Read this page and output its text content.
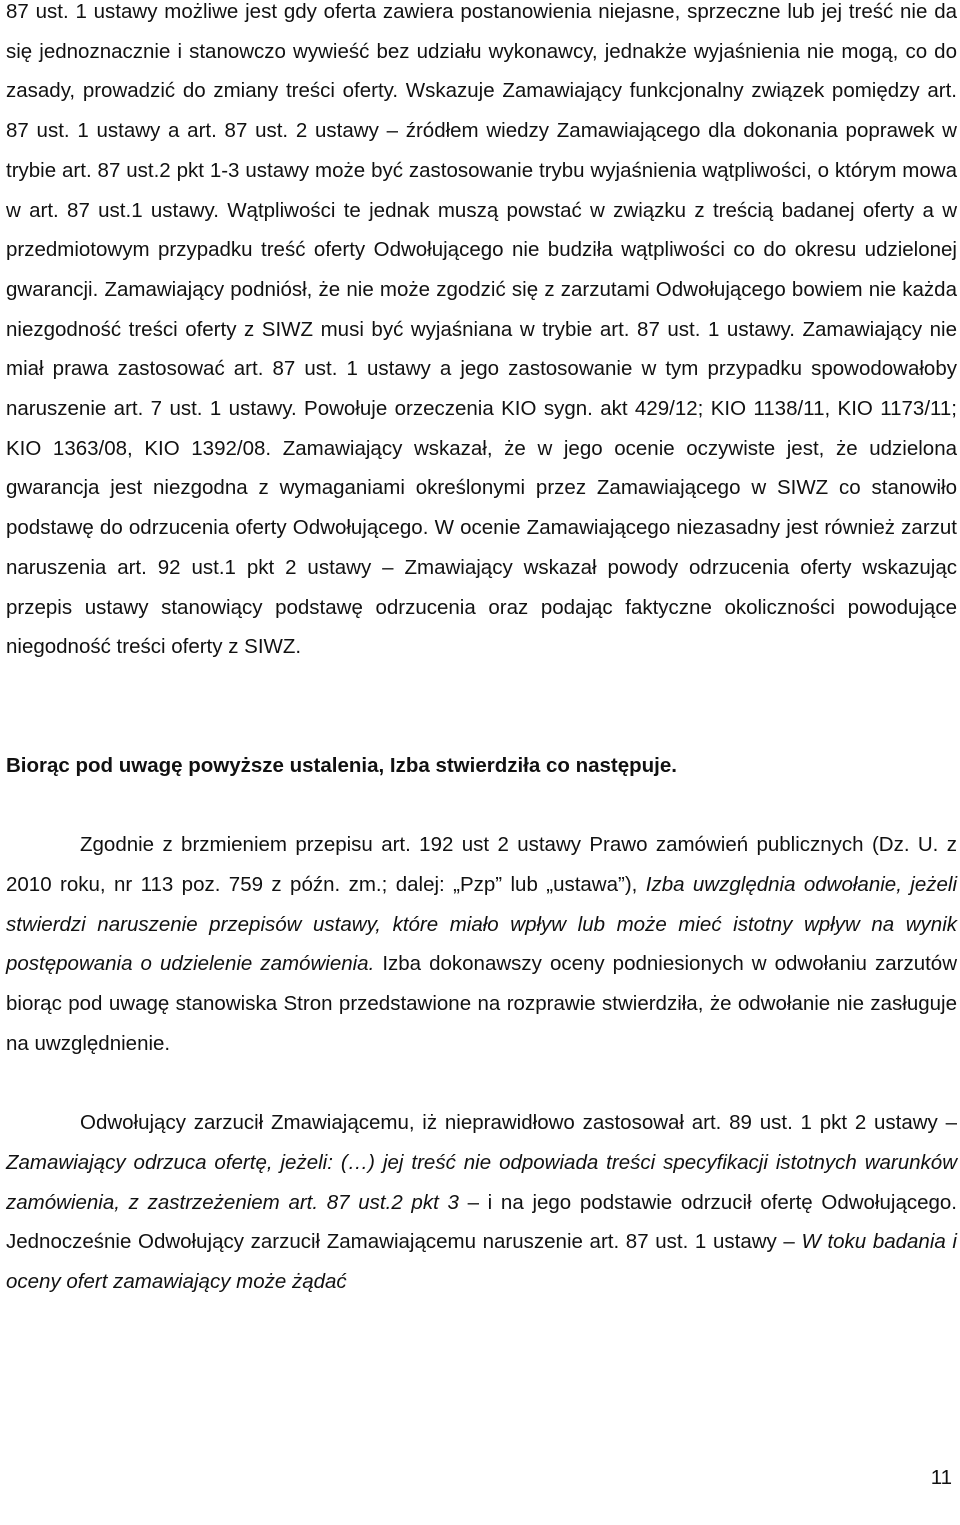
87 ust. 1 ustawy możliwe jest gdy oferta zawiera postanowienia niejasne, sprzeczne lub jej treść nie da się jednoznacznie i stanowczo wywieść bez udziału wykonawcy, jednakże wyjaśnienia nie mogą, co do zasady, prowadzić do zmiany treści oferty. Wskazuje Zamawiający funkcjonalny związek pomiędzy art. 87 ust. 1 ustawy a art. 87 ust. 2 ustawy – źródłem wiedzy Zamawiającego dla dokonania poprawek w trybie art. 87 ust.2 pkt 1-3 ustawy może być zastosowanie trybu wyjaśnienia wątpliwości, o którym mowa w art. 87 ust.1 ustawy. Wątpliwości te jednak muszą powstać w związku z treścią badanej oferty a w przedmiotowym przypadku treść oferty Odwołującego nie budziła wątpliwości co do okresu udzielonej gwarancji. Zamawiający podniósł, że nie może zgodzić się z zarzutami Odwołującego bowiem nie każda niezgodność treści oferty z SIWZ musi być wyjaśniana w trybie art. 87 ust. 1 ustawy. Zamawiający nie miał prawa zastosować art. 87 ust. 1 ustawy a jego zastosowanie w tym przypadku spowodowałoby naruszenie art. 7 ust. 1 ustawy. Powołuje orzeczenia KIO sygn. akt 429/12; KIO 1138/11, KIO 1173/11; KIO 1363/08, KIO 1392/08. Zamawiający wskazał, że w jego ocenie oczywiste jest, że udzielona gwarancja jest niezgodna z wymaganiami określonymi przez Zamawiającego w SIWZ co stanowiło podstawę do odrzucenia oferty Odwołującego. W ocenie Zamawiającego niezasadny jest również zarzut naruszenia art. 92 ust.1 pkt 2 ustawy – Zmawiający wskazał powody odrzucenia oferty wskazując przepis ustawy stanowiący podstawę odrzucenia oraz podając faktyczne okoliczności powodujące niegodność treści oferty z SIWZ.

Biorąc pod uwagę powyższe ustalenia, Izba stwierdziła co następuje.

Zgodnie z brzmieniem przepisu art. 192 ust 2 ustawy Prawo zamówień publicznych (Dz. U. z 2010 roku, nr 113 poz. 759 z późn. zm.; dalej: „Pzp” lub „ustawa”), Izba uwzględnia odwołanie, jeżeli stwierdzi naruszenie przepisów ustawy, które miało wpływ lub może mieć istotny wpływ na wynik postępowania o udzielenie zamówienia. Izba dokonawszy oceny podniesionych w odwołaniu zarzutów biorąc pod uwagę stanowiska Stron przedstawione na rozprawie stwierdziła, że odwołanie nie zasługuje na uwzględnienie.

Odwołujący zarzucił Zmawiającemu, iż nieprawidłowo zastosował art. 89 ust. 1 pkt 2 ustawy – Zamawiający odrzuca ofertę, jeżeli: (…) jej treść nie odpowiada treści specyfikacji istotnych warunków zamówienia, z zastrzeżeniem art. 87 ust.2 pkt 3 – i na jego podstawie odrzucił ofertę Odwołującego. Jednocześnie Odwołujący zarzucił Zamawiającemu naruszenie art. 87 ust. 1 ustawy – W toku badania i oceny ofert zamawiający może żądać

11
